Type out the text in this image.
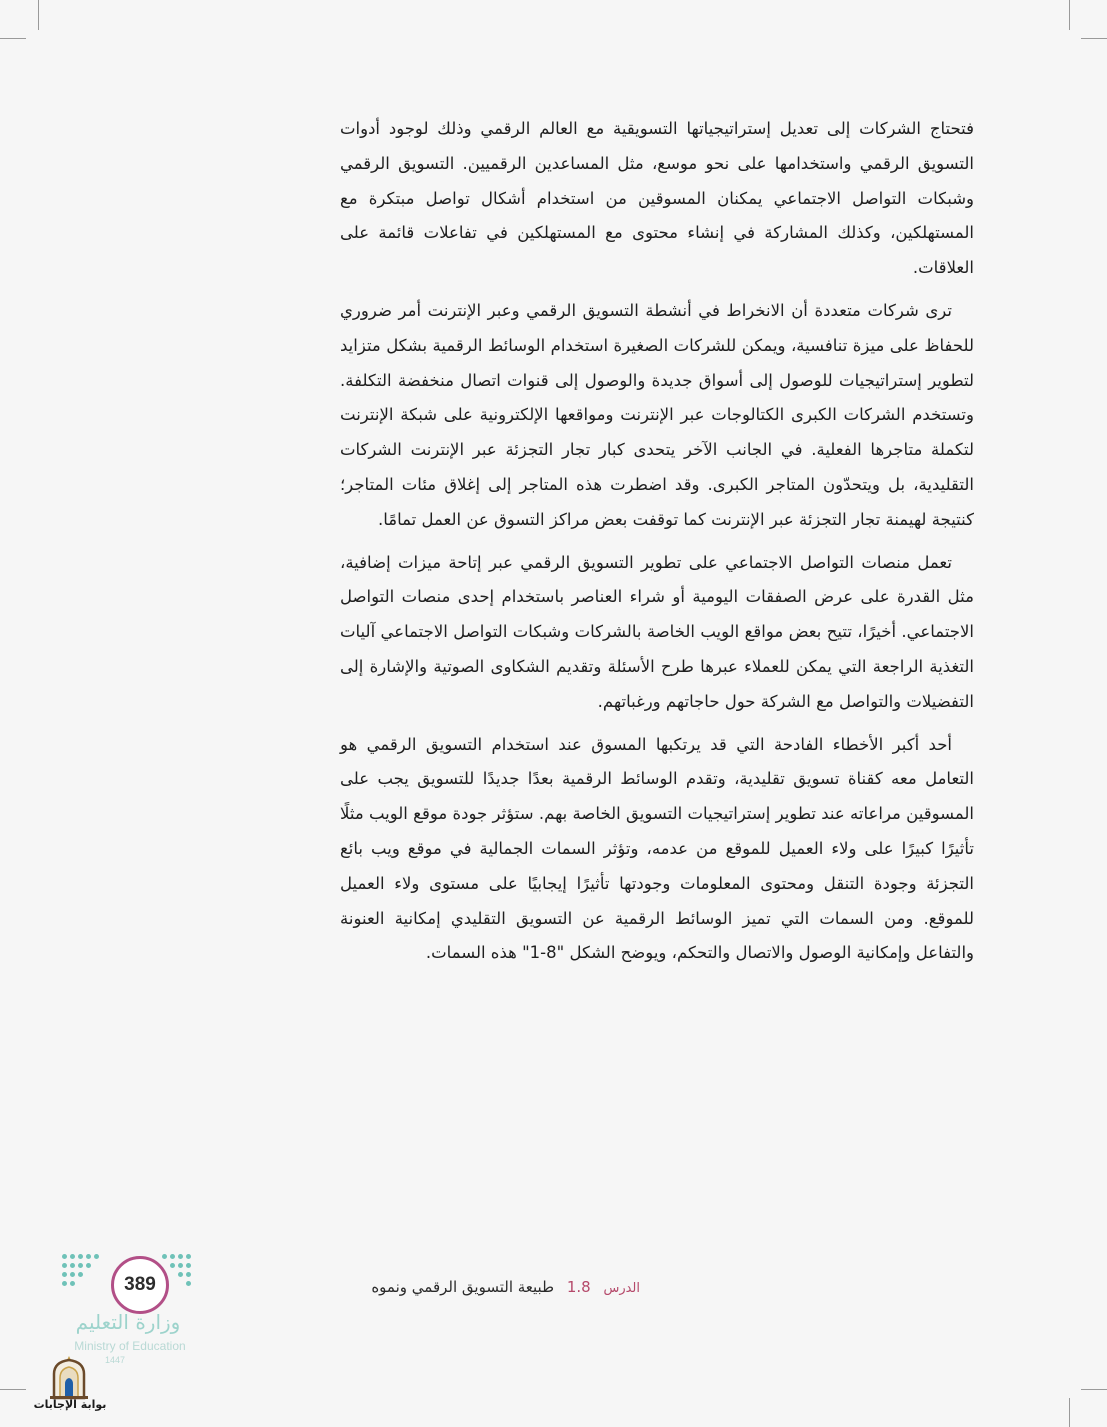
فتحتاج الشركات إلى تعديل إستراتيجياتها التسويقية مع العالم الرقمي وذلك لوجود أدوات التسويق الرقمي واستخدامها على نحو موسع، مثل المساعدين الرقميين. التسويق الرقمي وشبكات التواصل الاجتماعي يمكنان المسوقين من استخدام أشكال تواصل مبتكرة مع المستهلكين، وكذلك المشاركة في إنشاء محتوى مع المستهلكين في تفاعلات قائمة على العلاقات.

ترى شركات متعددة أن الانخراط في أنشطة التسويق الرقمي وعبر الإنترنت أمر ضروري للحفاظ على ميزة تنافسية، ويمكن للشركات الصغيرة استخدام الوسائط الرقمية بشكل متزايد لتطوير إستراتيجيات للوصول إلى أسواق جديدة والوصول إلى قنوات اتصال منخفضة التكلفة. وتستخدم الشركات الكبرى الكتالوجات عبر الإنترنت ومواقعها الإلكترونية على شبكة الإنترنت لتكملة متاجرها الفعلية. في الجانب الآخر يتحدى كبار تجار التجزئة عبر الإنترنت الشركات التقليدية، بل ويتحدّون المتاجر الكبرى. وقد اضطرت هذه المتاجر إلى إغلاق مئات المتاجر؛ كنتيجة لهيمنة تجار التجزئة عبر الإنترنت كما توقفت بعض مراكز التسوق عن العمل تمامًا.

تعمل منصات التواصل الاجتماعي على تطوير التسويق الرقمي عبر إتاحة ميزات إضافية، مثل القدرة على عرض الصفقات اليومية أو شراء العناصر باستخدام إحدى منصات التواصل الاجتماعي. أخيرًا، تتيح بعض مواقع الويب الخاصة بالشركات وشبكات التواصل الاجتماعي آليات التغذية الراجعة التي يمكن للعملاء عبرها طرح الأسئلة وتقديم الشكاوى الصوتية والإشارة إلى التفضيلات والتواصل مع الشركة حول حاجاتهم ورغباتهم.

أحد أكبر الأخطاء الفادحة التي قد يرتكبها المسوق عند استخدام التسويق الرقمي هو التعامل معه كقناة تسويق تقليدية، وتقدم الوسائط الرقمية بعدًا جديدًا للتسويق يجب على المسوقين مراعاته عند تطوير إستراتيجيات التسويق الخاصة بهم. ستؤثر جودة موقع الويب مثلًا تأثيرًا كبيرًا على ولاء العميل للموقع من عدمه، وتؤثر السمات الجمالية في موقع ويب بائع التجزئة وجودة التنقل ومحتوى المعلومات وجودتها تأثيرًا إيجابيًا على مستوى ولاء العميل للموقع. ومن السمات التي تميز الوسائط الرقمية عن التسويق التقليدي إمكانية العنونة والتفاعل وإمكانية الوصول والاتصال والتحكم، ويوضح الشكل "8-1" هذه السمات.

الدرس 1.8 طبيعة التسويق الرقمي ونموه
389
وزارة التعليم
Ministry of Education
1447
بوابة الإجابات
